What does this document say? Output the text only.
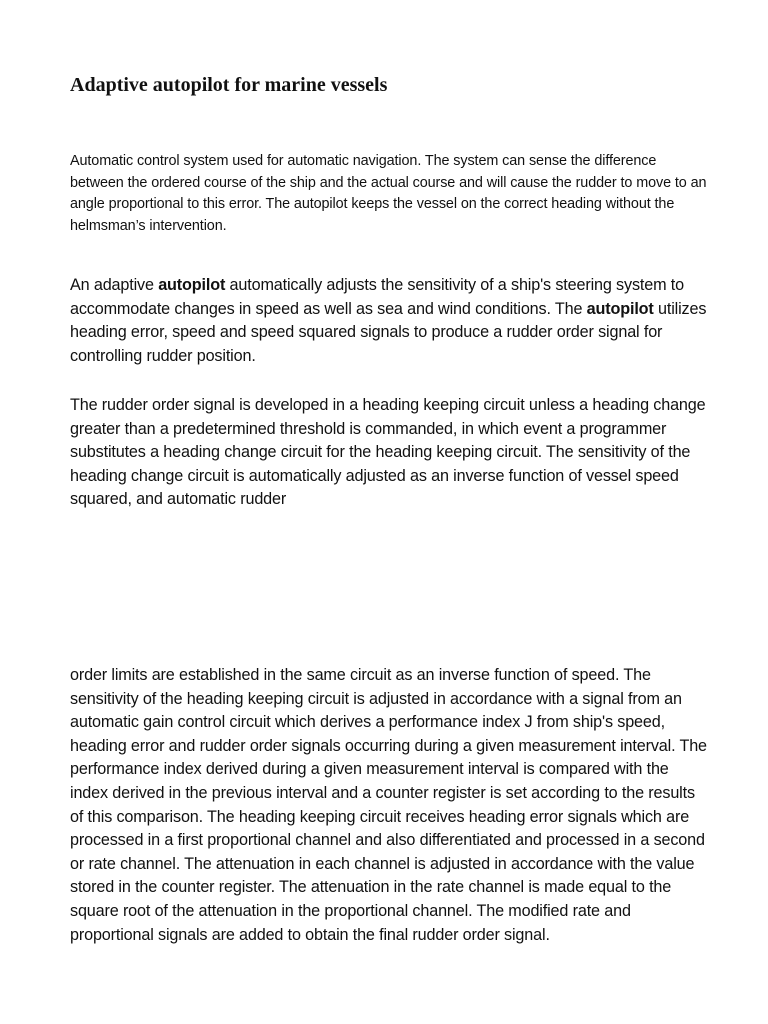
Adaptive autopilot for marine vessels

Automatic control system used for automatic navigation. The system can sense the difference between the ordered course of the ship and the actual course and will cause the rudder to move to an angle proportional to this error. The autopilot keeps the vessel on the correct heading without the helmsman’s intervention.

An adaptive autopilot automatically adjusts the sensitivity of a ship's steering system to accommodate changes in speed as well as sea and wind conditions. The autopilot utilizes heading error, speed and speed squared signals to produce a rudder order signal for controlling rudder position.

The rudder order signal is developed in a heading keeping circuit unless a heading change greater than a predetermined threshold is commanded, in which event a programmer substitutes a heading change circuit for the heading keeping circuit. The sensitivity of the heading change circuit is automatically adjusted as an inverse function of vessel speed squared, and automatic rudder

order limits are established in the same circuit as an inverse function of speed. The sensitivity of the heading keeping circuit is adjusted in accordance with a signal from an automatic gain control circuit which derives a performance index J from ship's speed, heading error and rudder order signals occurring during a given measurement interval. The performance index derived during a given measurement interval is compared with the index derived in the previous interval and a counter register is set according to the results of this comparison. The heading keeping circuit receives heading error signals which are processed in a first proportional channel and also differentiated and processed in a second or rate channel. The attenuation in each channel is adjusted in accordance with the value stored in the counter register. The attenuation in the rate channel is made equal to the square root of the attenuation in the proportional channel. The modified rate and proportional signals are added to obtain the final rudder order signal.
